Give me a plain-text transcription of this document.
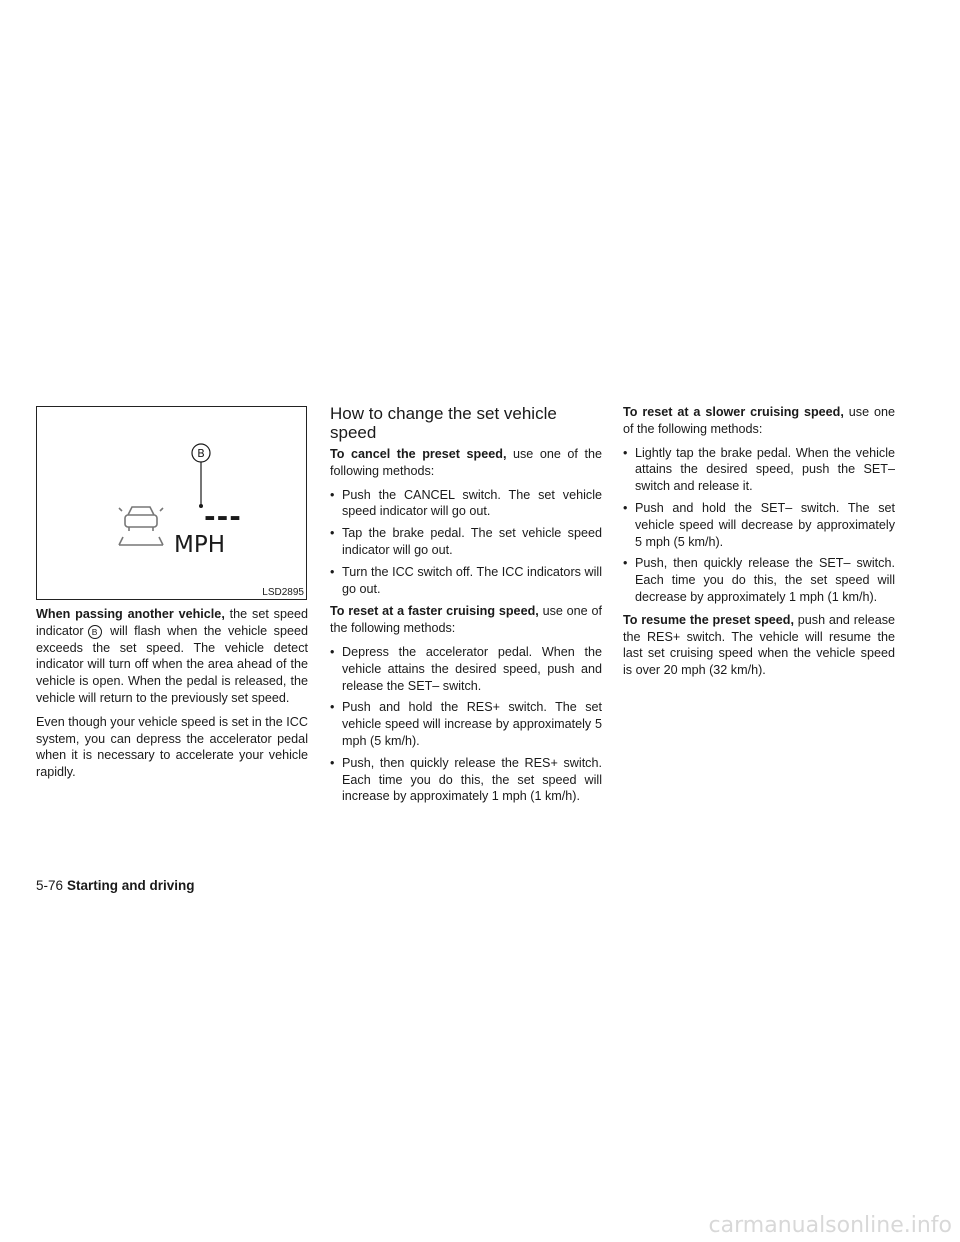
---
MPH
B
LSD2895

When passing another vehicle, the set speed indicator B will flash when the vehicle speed exceeds the set speed. The vehicle detect indicator will turn off when the area ahead of the vehicle is open. When the pedal is released, the vehicle will return to the previously set speed.

Even though your vehicle speed is set in the ICC system, you can depress the accelerator pedal when it is necessary to accelerate your vehicle rapidly.

How to change the set vehicle speed

To cancel the preset speed, use one of the following methods:

• Push the CANCEL switch. The set vehicle speed indicator will go out.
• Tap the brake pedal. The set vehicle speed indicator will go out.
• Turn the ICC switch off. The ICC indicators will go out.

To reset at a faster cruising speed, use one of the following methods:

• Depress the accelerator pedal. When the vehicle attains the desired speed, push and release the SET– switch.
• Push and hold the RES+ switch. The set vehicle speed will increase by approximately 5 mph (5 km/h).
• Push, then quickly release the RES+ switch. Each time you do this, the set speed will increase by approximately 1 mph (1 km/h).

To reset at a slower cruising speed, use one of the following methods:

• Lightly tap the brake pedal. When the vehicle attains the desired speed, push the SET– switch and release it.
• Push and hold the SET– switch. The set vehicle speed will decrease by approximately 5 mph (5 km/h).
• Push, then quickly release the SET– switch. Each time you do this, the set speed will decrease by approximately 1 mph (1 km/h).

To resume the preset speed, push and release the RES+ switch. The vehicle will resume the last set cruising speed when the vehicle speed is over 20 mph (32 km/h).

5-76 Starting and driving
carmanualsonline.info
